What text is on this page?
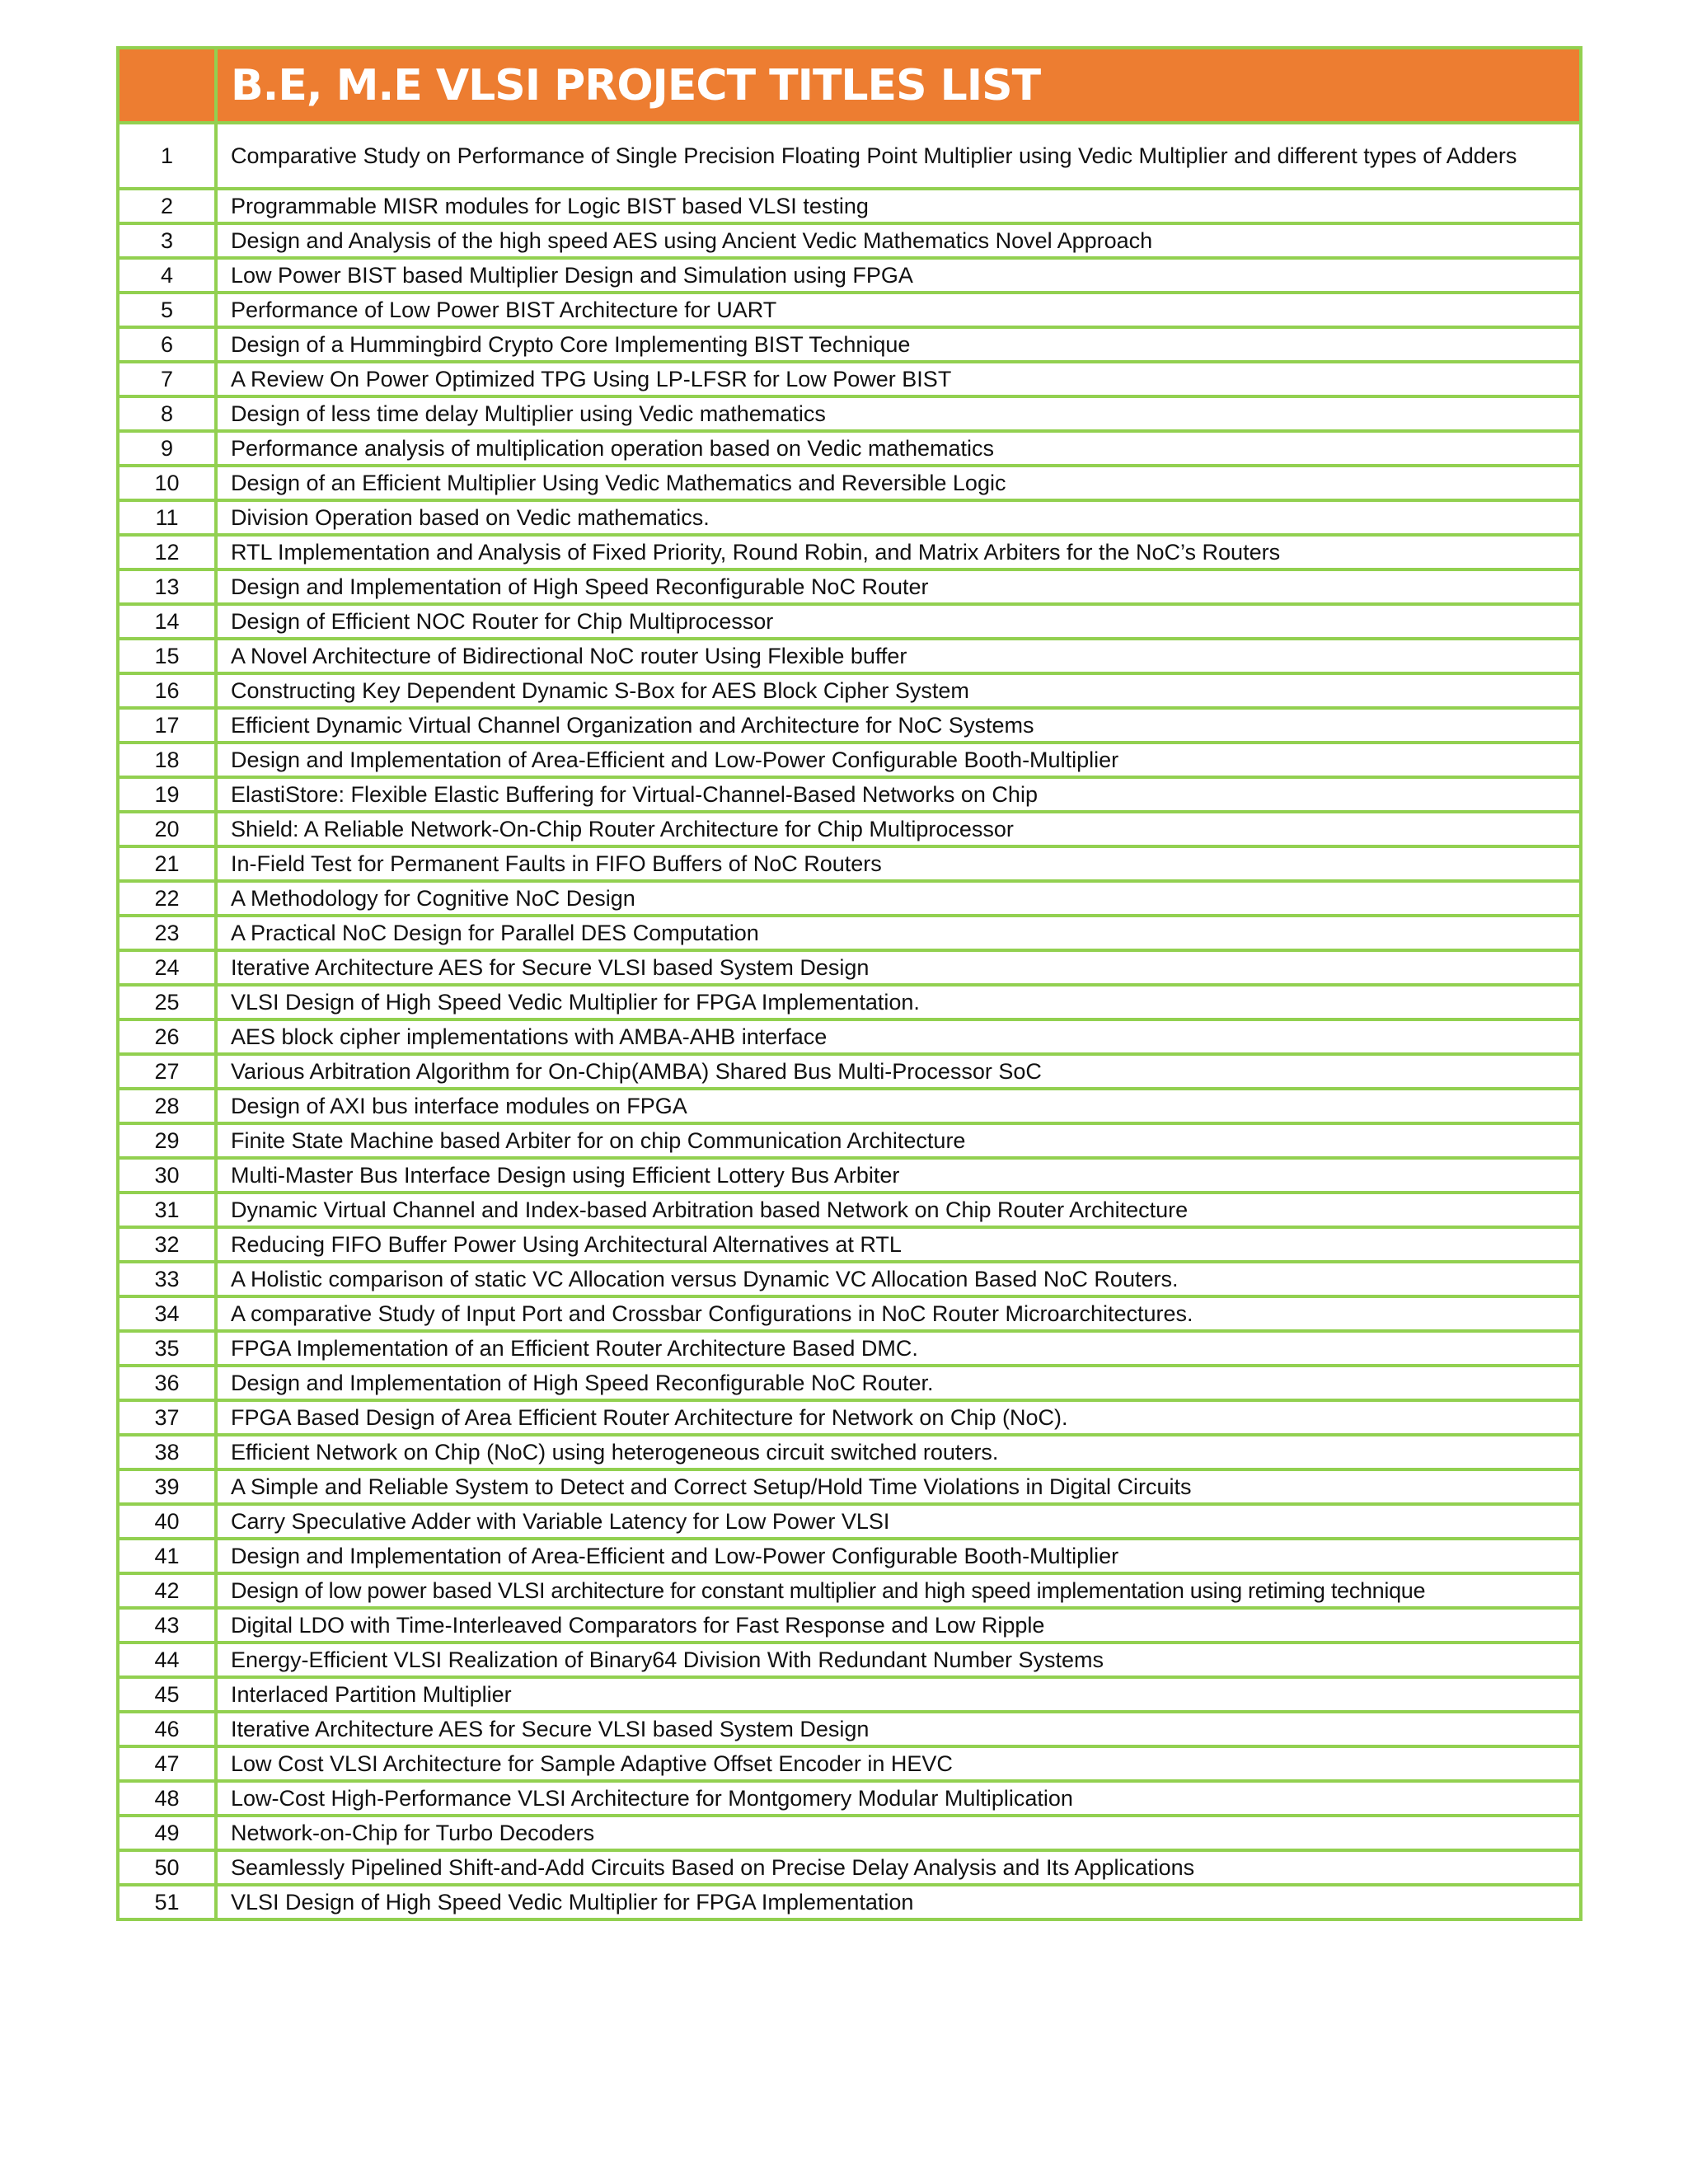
	B.E, M.E VLSI PROJECT TITLES LIST
1	Comparative Study on Performance of Single Precision Floating Point Multiplier using Vedic Multiplier and different types of Adders

2	Programmable MISR modules for Logic BIST based VLSI testing

3	Design and Analysis of the high speed AES using Ancient Vedic Mathematics Novel Approach

4	Low Power BIST based Multiplier Design and Simulation using FPGA

5	Performance of Low Power BIST Architecture for UART

6	Design of a Hummingbird Crypto Core Implementing BIST Technique

7	A Review On Power Optimized TPG Using LP-LFSR for Low Power BIST

8	Design of less time delay Multiplier using Vedic mathematics

9	Performance analysis of multiplication operation based on Vedic mathematics

10	Design of an Efficient Multiplier Using Vedic Mathematics and Reversible Logic

11	Division Operation based on Vedic mathematics.

12	RTL Implementation and Analysis of Fixed Priority, Round Robin, and Matrix Arbiters for the NoC’s Routers

13	Design and Implementation of High Speed Reconfigurable NoC Router

14	Design of Efficient NOC Router for Chip Multiprocessor

15	A Novel Architecture of Bidirectional NoC router Using Flexible buffer

16	Constructing Key Dependent Dynamic S-Box for AES Block Cipher System

17	Efficient Dynamic Virtual Channel Organization and Architecture for NoC Systems

18	Design and Implementation of Area-Efficient and Low-Power Configurable Booth-Multiplier

19	ElastiStore: Flexible Elastic Buffering for Virtual-Channel-Based Networks on Chip

20	Shield: A Reliable Network-On-Chip Router Architecture for Chip Multiprocessor

21	In-Field Test for Permanent Faults in FIFO Buffers of NoC Routers

22	A Methodology for Cognitive NoC Design

23	A Practical NoC Design for Parallel DES Computation

24	Iterative Architecture AES for Secure VLSI based System Design

25	VLSI Design of High Speed Vedic Multiplier for FPGA Implementation.

26	AES block cipher implementations with AMBA-AHB interface

27	Various Arbitration Algorithm for On-Chip(AMBA) Shared Bus Multi-Processor SoC

28	Design of AXI bus interface modules on FPGA

29	Finite State Machine based Arbiter for on chip Communication Architecture

30	Multi-Master Bus Interface Design using Efficient Lottery Bus Arbiter

31	Dynamic Virtual Channel and Index-based Arbitration based Network on Chip Router Architecture

32	Reducing FIFO Buffer Power Using Architectural Alternatives at RTL

33	A Holistic comparison of static VC Allocation versus Dynamic VC Allocation Based NoC Routers.

34	A comparative Study of Input Port and Crossbar Configurations in NoC Router Microarchitectures.

35	FPGA Implementation of an Efficient Router Architecture Based DMC.

36	Design and Implementation of High Speed Reconfigurable NoC Router.

37	FPGA Based Design of Area Efficient Router Architecture for Network on Chip (NoC).

38	Efficient Network on Chip (NoC) using heterogeneous circuit switched routers.

39	A Simple and Reliable System to Detect and Correct Setup/Hold Time Violations in Digital Circuits

40	Carry Speculative Adder with Variable Latency for Low Power VLSI

41	Design and Implementation of Area-Efficient and Low-Power Configurable Booth-Multiplier

42	Design of low power based VLSI architecture for constant multiplier and high speed implementation using retiming technique

43	Digital LDO with Time-Interleaved Comparators for Fast Response and Low Ripple

44	Energy-Efficient VLSI Realization of Binary64 Division With Redundant Number Systems

45	Interlaced Partition Multiplier

46	Iterative Architecture AES for Secure VLSI based System Design

47	Low Cost VLSI Architecture for Sample Adaptive Offset Encoder in HEVC

48	Low-Cost High-Performance VLSI Architecture for Montgomery Modular Multiplication

49	Network-on-Chip for Turbo Decoders

50	Seamlessly Pipelined Shift-and-Add Circuits Based on Precise Delay Analysis and Its Applications

51	VLSI Design of High Speed Vedic Multiplier for FPGA Implementation
